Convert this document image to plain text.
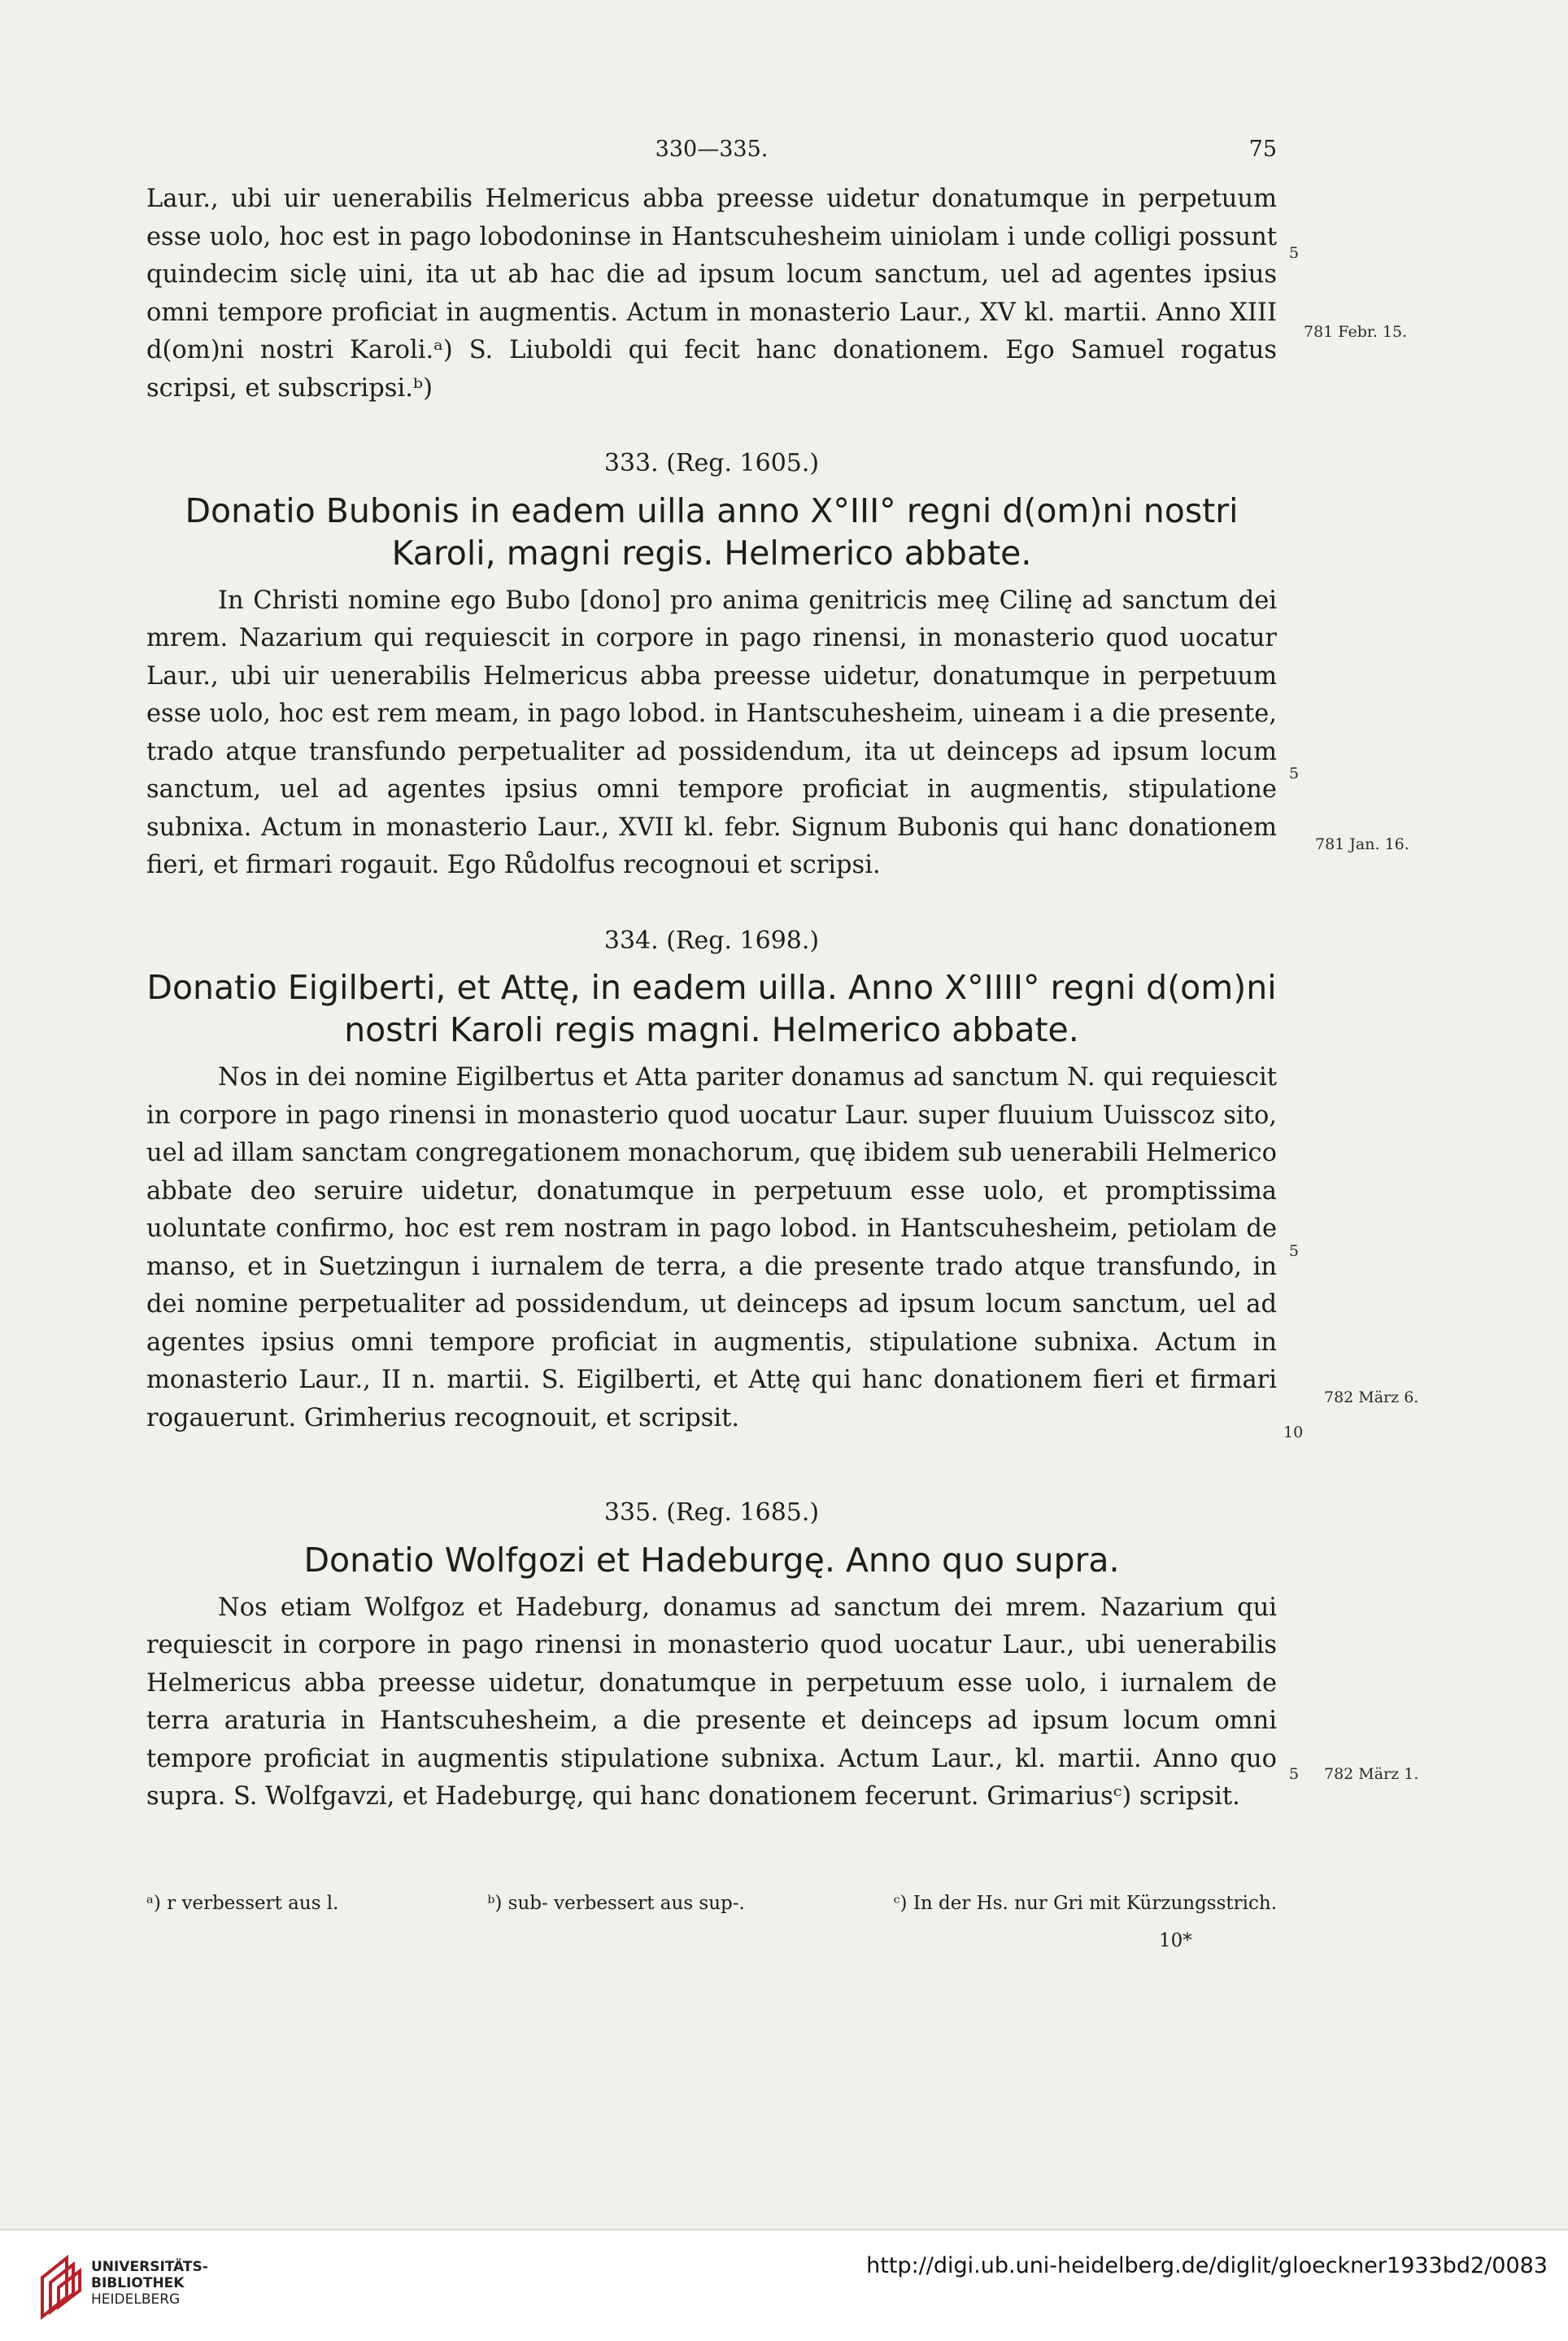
330—335.	75

Laur., ubi uir uenerabilis Helmericus abba preesse uidetur donatumque in perpetuum esse uolo, hoc est in pago lobodoninse in Hantscuhesheim uiniolam i unde colligi possunt quindecim siclę uini, ita ut ab hac die ad ipsum locum sanctum, uel ad agentes ipsius omni tempore proficiat in augmentis. Actum in monasterio Laur., XV kl. martii. Anno XIII d(om)ni nostri Karoli.ᵃ) S. Liuboldi qui fecit hanc donationem. Ego Samuel rogatus scripsi, et subscripsi.ᵇ)

333. (Reg. 1605.)
Donatio Bubonis in eadem uilla anno X°III° regni d(om)ni nostri
Karoli, magni regis. Helmerico abbate.

In Christi nomine ego Bubo [dono] pro anima genitricis meę Cilinę ad sanctum dei mrem. Nazarium qui requiescit in corpore in pago rinensi, in monasterio quod uocatur Laur., ubi uir uenerabilis Helmericus abba preesse uidetur, donatumque in perpetuum esse uolo, hoc est rem meam, in pago lobod. in Hantscuhesheim, uineam i a die presente, trado atque transfundo perpetualiter ad possidendum, ita ut deinceps ad ipsum locum sanctum, uel ad agentes ipsius omni tempore proficiat in augmentis, stipulatione subnixa. Actum in monasterio Laur., XVII kl. febr. Signum Bubonis qui hanc donationem fieri, et firmari rogauit. Ego Růdolfus recognoui et scripsi.

334. (Reg. 1698.)
Donatio Eigilberti, et Attę, in eadem uilla. Anno X°IIII° regni d(om)ni
nostri Karoli regis magni. Helmerico abbate.

Nos in dei nomine Eigilbertus et Atta pariter donamus ad sanctum N. qui requiescit in corpore in pago rinensi in monasterio quod uocatur Laur. super fluuium Uuisscoz sito, uel ad illam sanctam congregationem monachorum, quę ibidem sub uenerabili Helmerico abbate deo seruire uidetur, donatumque in perpetuum esse uolo, et promptissima uoluntate confirmo, hoc est rem nostram in pago lobod. in Hantscuhesheim, petiolam de manso, et in Suetzingun i iurnalem de terra, a die presente trado atque transfundo, in dei nomine perpetualiter ad possidendum, ut deinceps ad ipsum locum sanctum, uel ad agentes ipsius omni tempore proficiat in augmentis, stipulatione subnixa. Actum in monasterio Laur., II n. martii. S. Eigilberti, et Attę qui hanc donationem fieri et firmari rogauerunt. Grimherius recognouit, et scripsit.

335. (Reg. 1685.)
Donatio Wolfgozi et Hadeburgę. Anno quo supra.

Nos etiam Wolfgoz et Hadeburg, donamus ad sanctum dei mrem. Nazarium qui requiescit in corpore in pago rinensi in monasterio quod uocatur Laur., ubi uenerabilis Helmericus abba preesse uidetur, donatumque in perpetuum esse uolo, i iurnalem de terra araturia in Hantscuhesheim, a die presente et deinceps ad ipsum locum omni tempore proficiat in augmentis stipulatione subnixa. Actum Laur., kl. martii. Anno quo supra. S. Wolfgavzi, et Hadeburgę, qui hanc donationem fecerunt. Grimariusᶜ) scripsit.

781 Febr. 15.
781 Jan. 16.
782 März 6.
782 März 1.
5
5
5
10
5
ᵃ) r verbessert aus l.	ᵇ) sub- verbessert aus sup-.	ᶜ) In der Hs. nur Gri mit Kürzungsstrich.
10*
UNIVERSITÄTS-
BIBLIOTHEK
HEIDELBERG
http://digi.ub.uni-heidelberg.de/diglit/gloeckner1933bd2/0083
